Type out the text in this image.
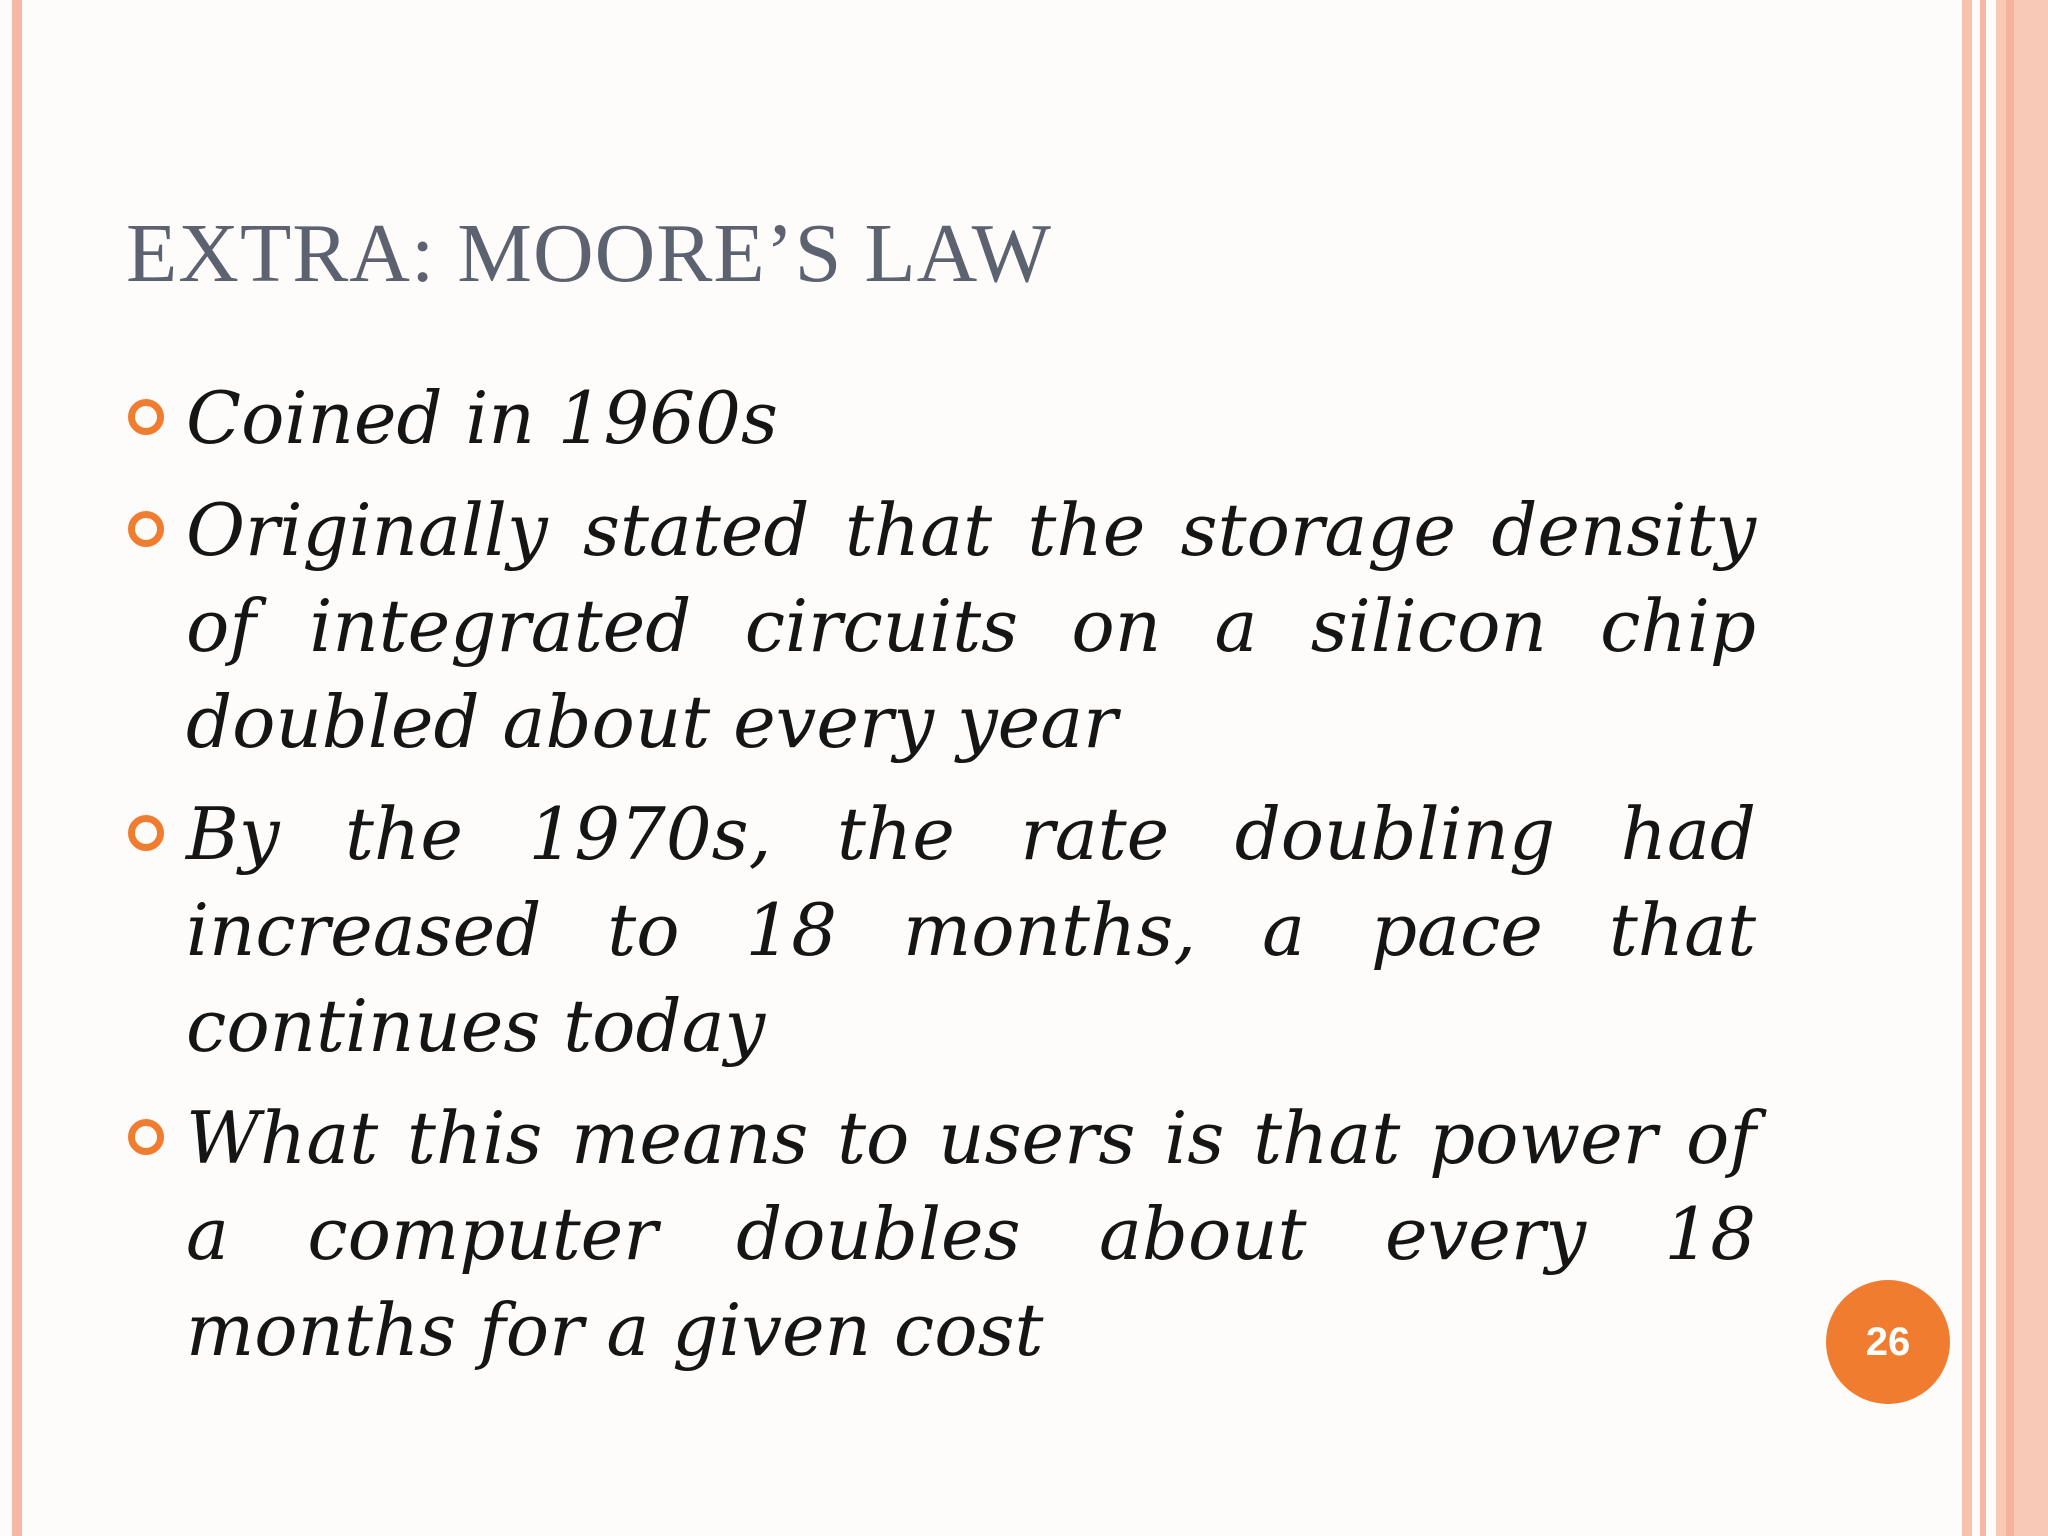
EXTRA: MOORE’S LAW
Coined in 1960s
Originally stated that the storage density of integrated circuits on a silicon chip doubled about every year
By the 1970s, the rate doubling had increased to 18 months, a pace that continues today
What this means to users is that power of a computer doubles about every 18 months for a given cost	26
